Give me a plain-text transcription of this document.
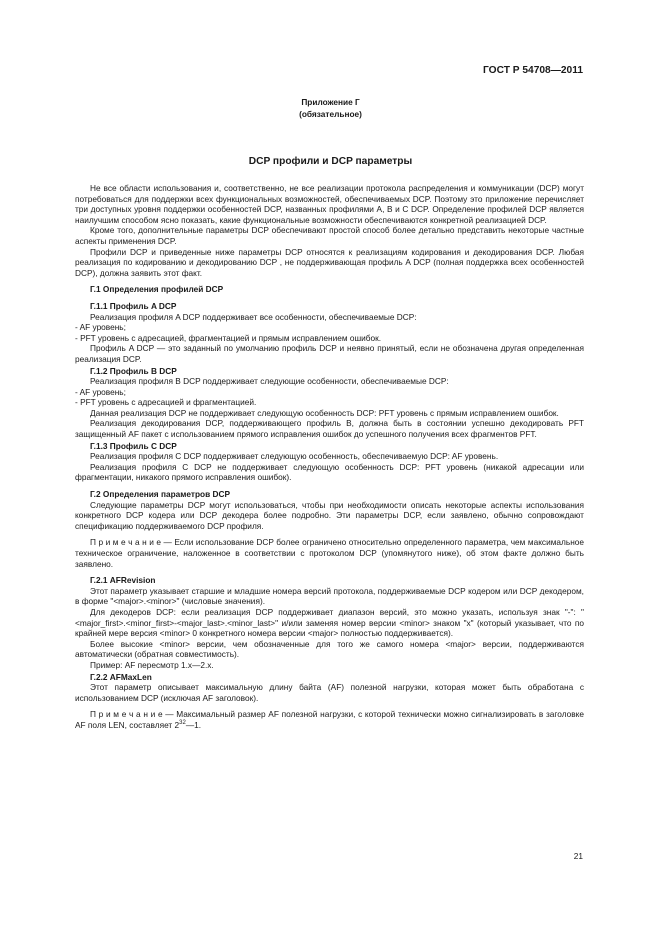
ГОСТ Р 54708—2011
Приложение Г
(обязательное)
DCP профили и DCP параметры

Не все области использования и, соответственно, не все реализации протокола распределения и коммуникации (DCP) могут потребоваться для поддержки всех функциональных возможностей, обеспечиваемых DCP. Поэтому это приложение перечисляет три доступных уровня поддержки особенностей DCP, названных профилями А, В и С DCP. Определение профилей DCP является наилучшим способом ясно показать, какие функциональные возможности обеспечиваются конкретной реализацией DCP.

Кроме того, дополнительные параметры DCP обеспечивают простой способ более детально представить некоторые частные аспекты применения DCP.

Профили DCP и приведенные ниже параметры DCP относятся к реализациям кодирования и декодирования DCP. Любая реализация по кодированию и декодированию DCP , не поддерживающая профиль A DCP (полная поддержка всех особенностей DCP), должна заявить этот факт.

Г.1 Определения профилей DCP

Г.1.1 Профиль A DCP

Реализация профиля A DCP поддерживает все особенности, обеспечиваемые DCP:

- AF уровень;

- PFT уровень с адресацией, фрагментацией и прямым исправлением ошибок.

Профиль A DCP — это заданный по умолчанию профиль DCP и неявно принятый, если не обозначена другая определенная реализация DCP.

Г.1.2 Профиль B DCP

Реализация профиля B DCP поддерживает следующие особенности, обеспечиваемые DCP:

- AF уровень;

- PFT уровень с адресацией и фрагментацией.

Данная реализация DCP не поддерживает следующую особенность DCP: PFT уровень с прямым исправлением ошибок.

Реализация декодирования DCP, поддерживающего профиль B, должна быть в состоянии успешно декодировать PFT защищенный AF пакет с использованием прямого исправления ошибок до успешного получения всех фрагментов PFT.

Г.1.3 Профиль C DCP

Реализация профиля C DCP поддерживает следующую особенность, обеспечиваемую DCP: AF уровень.

Реализация профиля C DCP не поддерживает следующую особенность DCP: PFT уровень (никакой адресации или фрагментации, никакого прямого исправления ошибок).

Г.2 Определения параметров DCP

Следующие параметры DCP могут использоваться, чтобы при необходимости описать некоторые аспекты использования конкретного DCP кодера или DCP декодера более подробно. Эти параметры DCP, если заявлено, обычно сопровождают спецификацию поддерживаемого DCP профиля.

П р и м е ч а н и е — Если использование DCP более ограничено относительно определенного параметра, чем максимальное техническое ограничение, наложенное в соответствии с протоколом DCP (упомянутого ниже), об этом факте должно быть заявлено.

Г.2.1 AFRevision

Этот параметр указывает старшие и младшие номера версий протокола, поддерживаемые DCP кодером или DCP декодером, в форме "<major>.<minor>" (числовые значения).

Для декодеров DCP: если реализация DCP поддерживает диапазон версий, это можно указать, используя знак "-": "<major_first>.<minor_first>-<major_last>.<minor_last>" и/или заменяя номер версии <minor> знаком "x" (который указывает, что по крайней мере версия <minor> 0 конкретного номера версии <major> полностью поддерживается).

Более высокие <minor> версии, чем обозначенные для того же самого номера <major> версии, поддерживаются автоматически (обратная совместимость).

Пример: AF пересмотр 1.x—2.x.

Г.2.2 AFMaxLen

Этот параметр описывает максимальную длину байта (AF) полезной нагрузки, которая может быть обработана с использованием DCP (исключая AF заголовок).

П р и м е ч а н и е — Максимальный размер AF полезной нагрузки, с которой технически можно сигнализировать в заголовке AF поля LEN, составляет $2^{32}—1$.

21
